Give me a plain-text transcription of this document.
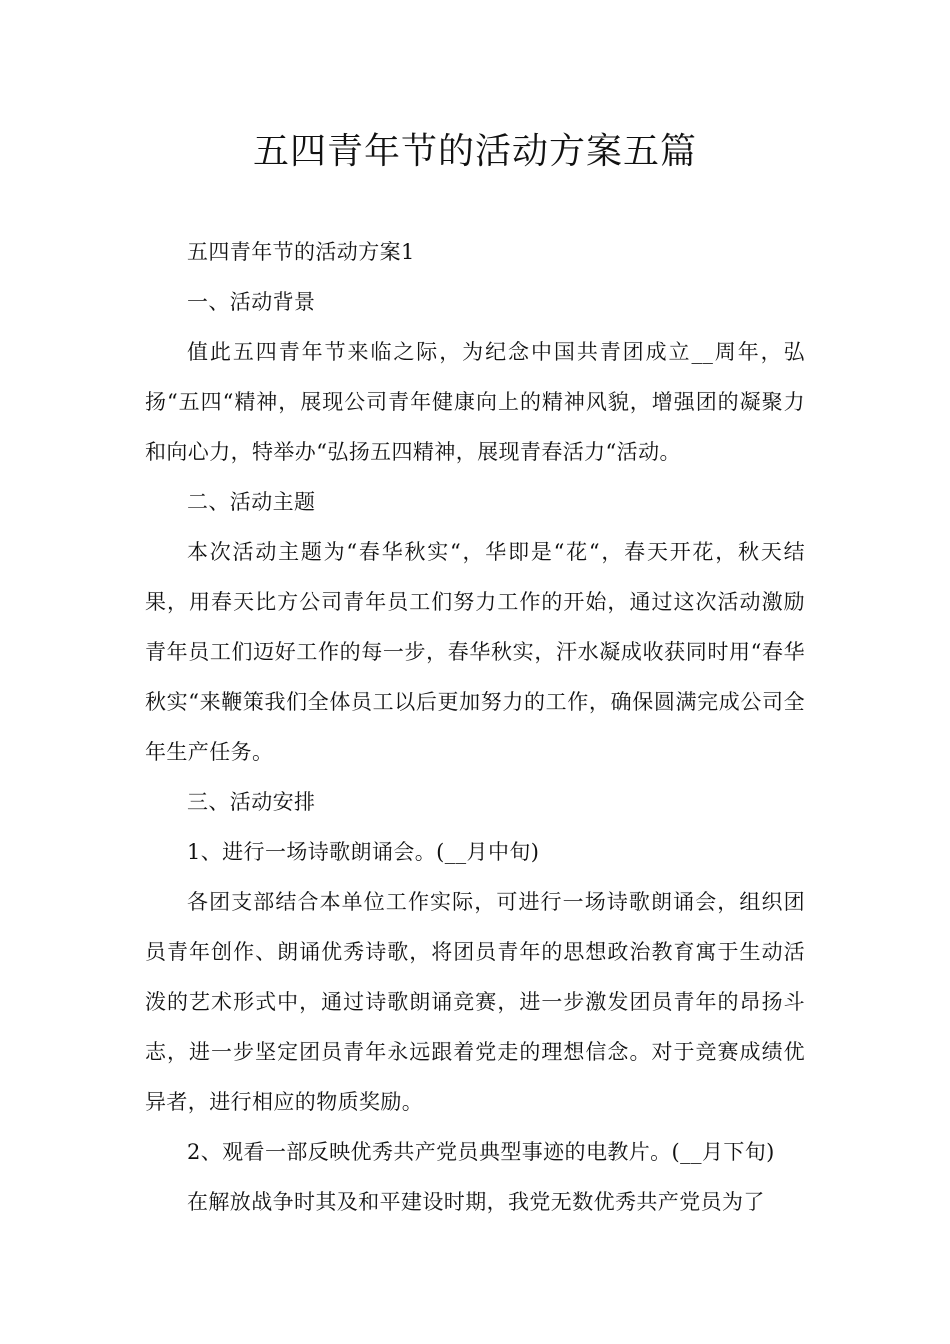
五四青年节的活动方案五篇

五四青年节的活动方案1

一、活动背景

值此五四青年节来临之际，为纪念中国共青团成立__周年，弘扬“五四“精神，展现公司青年健康向上的精神风貌，增强团的凝聚力和向心力，特举办“弘扬五四精神，展现青春活力“活动。

二、活动主题

本次活动主题为“春华秋实“，华即是“花“，春天开花，秋天结果，用春天比方公司青年员工们努力工作的开始，通过这次活动激励青年员工们迈好工作的每一步，春华秋实，汗水凝成收获同时用“春华秋实“来鞭策我们全体员工以后更加努力的工作，确保圆满完成公司全年生产任务。

三、活动安排

1、进行一场诗歌朗诵会。(__月中旬)

各团支部结合本单位工作实际，可进行一场诗歌朗诵会，组织团员青年创作、朗诵优秀诗歌，将团员青年的思想政治教育寓于生动活泼的艺术形式中，通过诗歌朗诵竞赛，进一步激发团员青年的昂扬斗志，进一步坚定团员青年永远跟着党走的理想信念。对于竞赛成绩优异者，进行相应的物质奖励。

2、观看一部反映优秀共产党员典型事迹的电教片。(__月下旬)

在解放战争时其及和平建设时期，我党无数优秀共产党员为了
